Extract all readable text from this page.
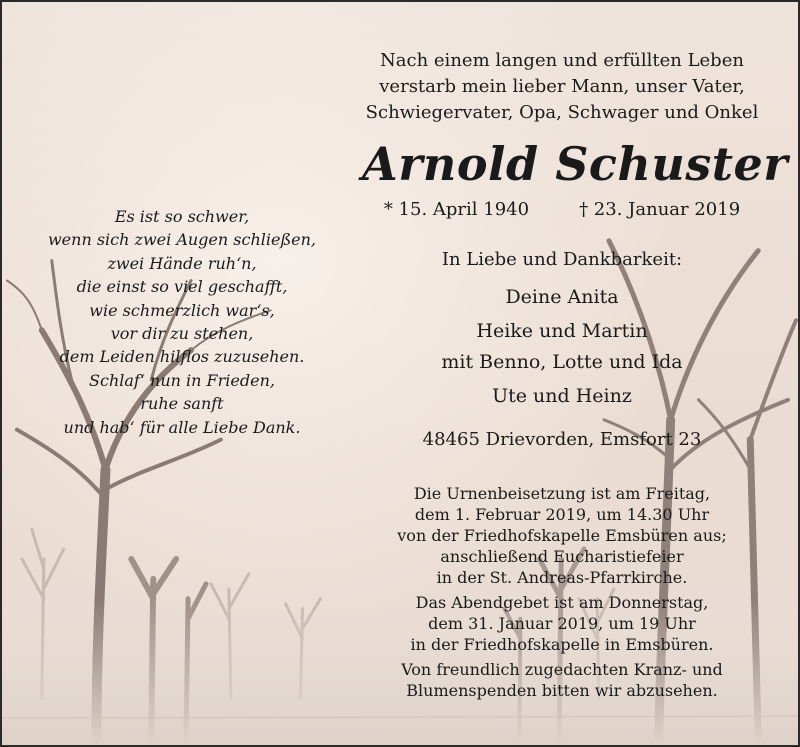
Es ist so schwer,
wenn sich zwei Augen schließen,
zwei Hände ruh‘n,
die einst so viel geschafft,
wie schmerzlich war‘s,
vor dir zu stehen,
dem Leiden hilflos zuzusehen.
Schlaf‘ nun in Frieden,
ruhe sanft
und hab‘ für alle Liebe Dank.
Nach einem langen und erfüllten Leben
verstarb mein lieber Mann, unser Vater,
Schwiegervater, Opa, Schwager und Onkel
Arnold Schuster
* 15. April 1940	† 23. Januar 2019
In Liebe und Dankbarkeit:
Deine Anita
Heike und Martin
mit Benno, Lotte und Ida
Ute und Heinz
48465 Drievorden, Emsfort 23
Die Urnenbeisetzung ist am Freitag,
dem 1. Februar 2019, um 14.30 Uhr
von der Friedhofskapelle Emsbüren aus;
anschließend Eucharistiefeier
in der St. Andreas-Pfarrkirche.
Das Abendgebet ist am Donnerstag,
dem 31. Januar 2019, um 19 Uhr
in der Friedhofskapelle in Emsbüren.
Von freundlich zugedachten Kranz- und
Blumenspenden bitten wir abzusehen.
